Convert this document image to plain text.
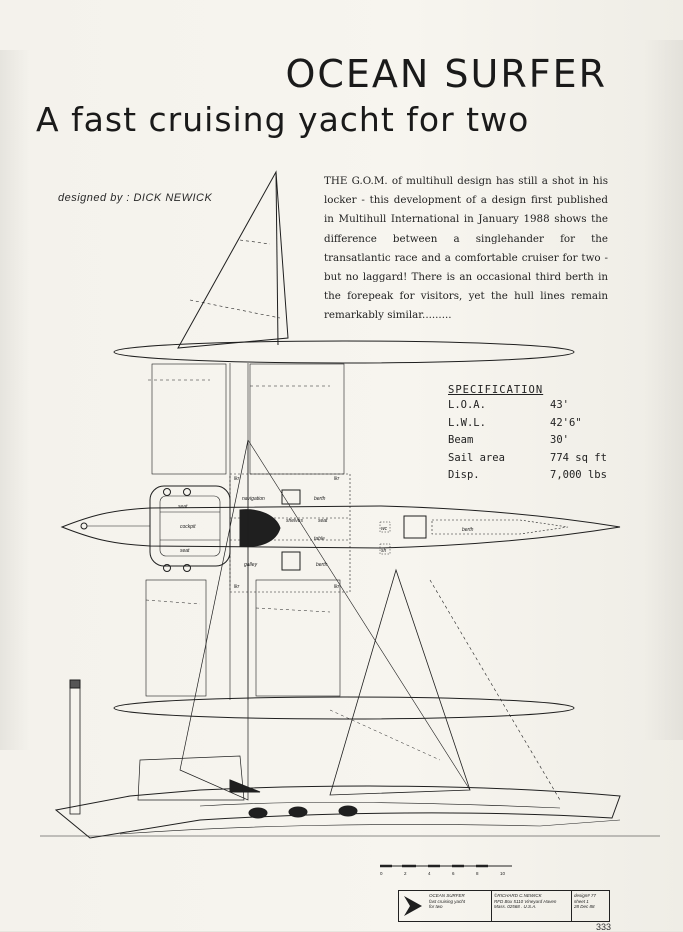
OCEAN SURFER
A fast cruising yacht for two
designed by : DICK NEWICK

THE G.O.M. of multihull design has still a shot in his locker - this development of a design first published in Multihull International in January 1988 shows the difference between a singlehander for the transatlantic race and a comfortable cruiser for two - but no laggard! There is an occasional third berth in the forepeak for visitors, yet the hull lines remain remarkably similar.........

seat
cockpit
seat
navigation
shelves	seat
table
galley
berth
berth
berth
lkr	lkr
lkr	lkr
wc
sh
0	2	4	6	8	10
SPECIFICATION
L.O.A.	43'
L.W.L.	42'6"
Beam	30'
Sail area	774 sq ft
Disp.	7,000 lbs
OCEAN SURFER
fast cruising yacht
for two
©RICHARD C.NEWICK
RFD Box 5110 Vineyard Haven
Mass. 02568 . U.S.A.
design# 77
sheet 1
28 Dec 88
333
